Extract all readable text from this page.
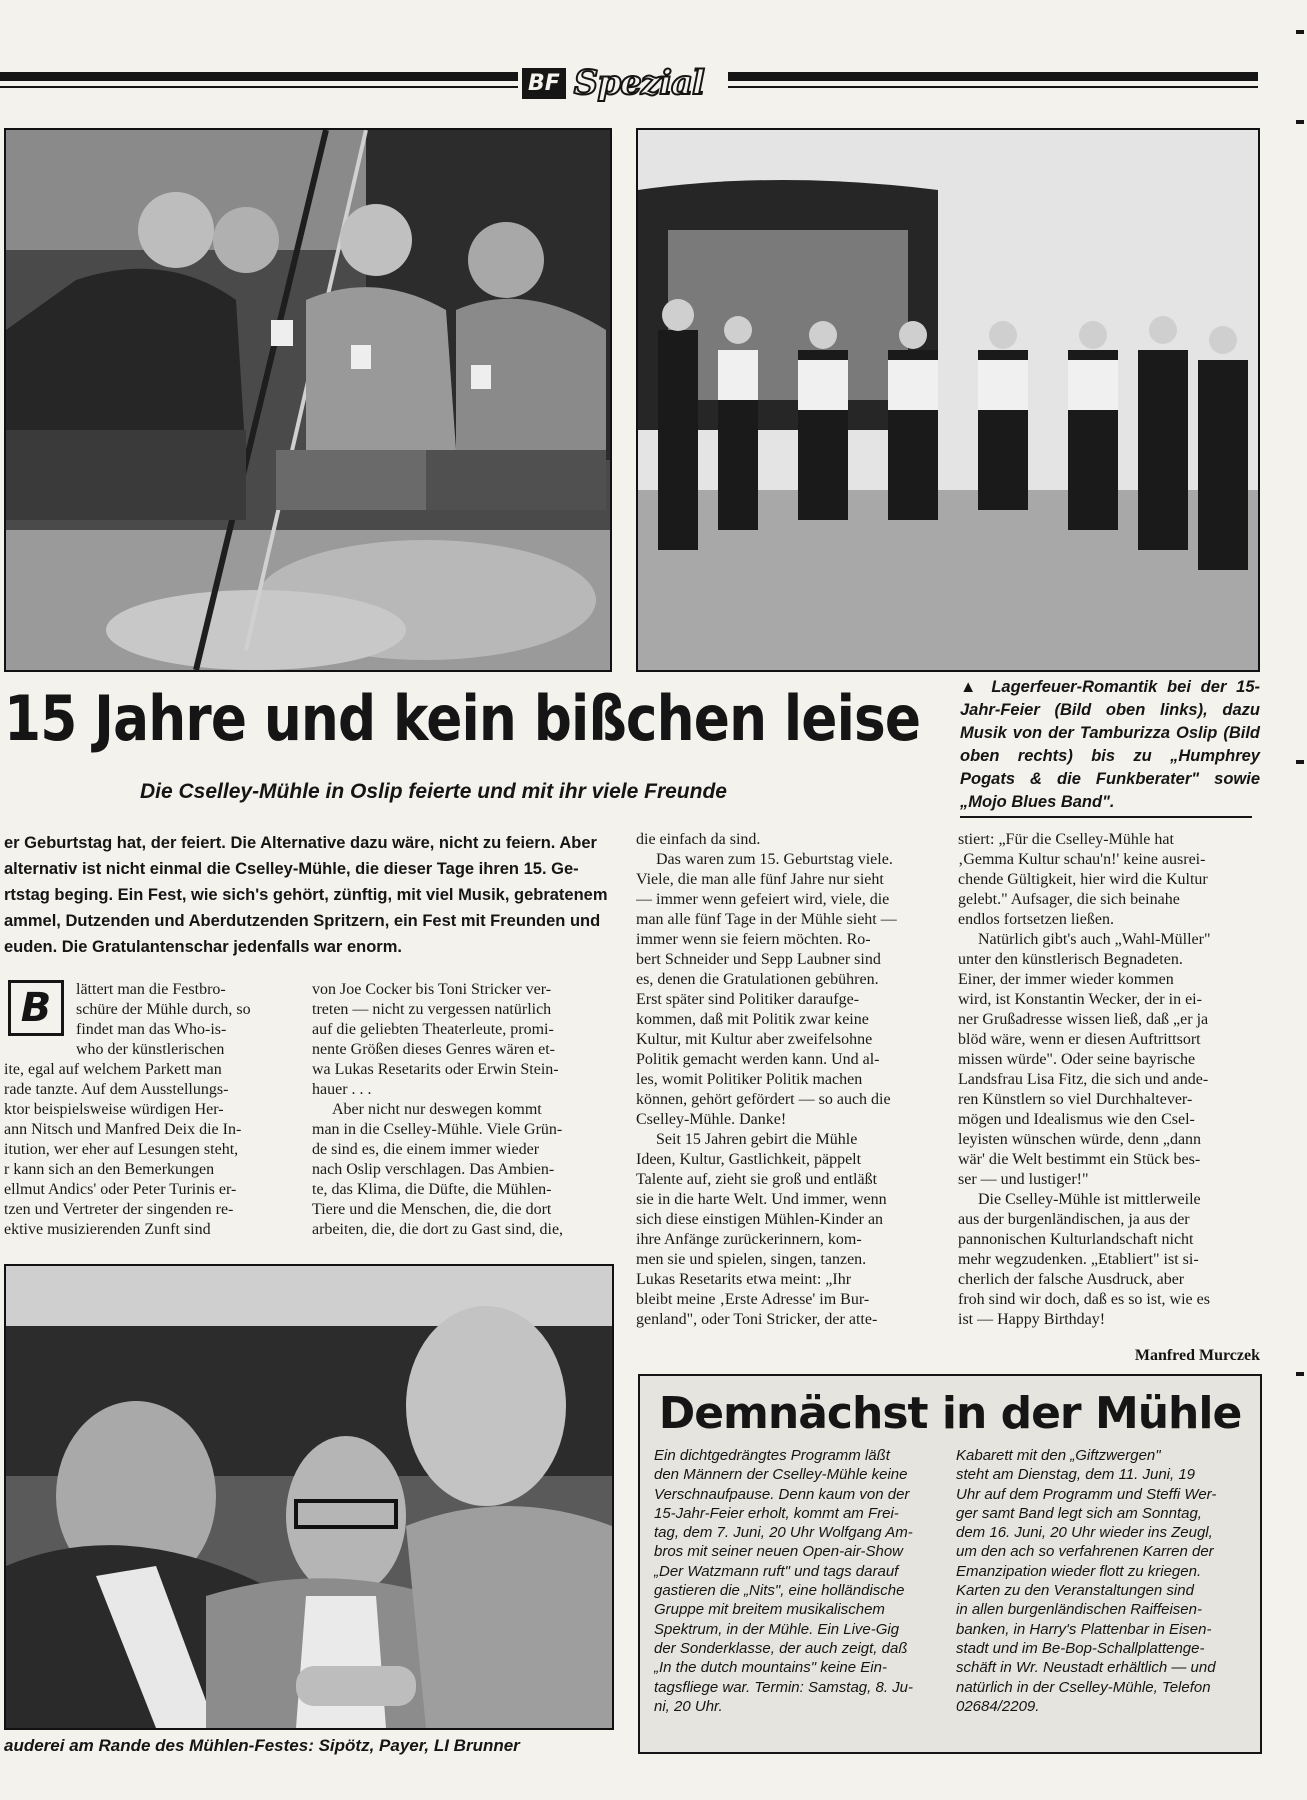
BF Spezial
15 Jahre und kein bißchen leise
Die Cselley-Mühle in Oslip feierte und mit ihr viele Freunde
▲ Lagerfeuer-Romantik bei der 15-Jahr-Feier (Bild oben links), dazu Musik von der Tamburizza Oslip (Bild oben rechts) bis zu „Humphrey Pogats & die Funkberater" sowie „Mojo Blues Band".

er Geburtstag hat, der feiert. Die Alternative dazu wäre, nicht zu feiern. Aber

alternativ ist nicht einmal die Cselley-Mühle, die dieser Tage ihren 15. Ge-

rtstag beging. Ein Fest, wie sich's gehört, zünftig, mit viel Musik, gebratenem

ammel, Dutzenden und Aberdutzenden Spritzern, ein Fest mit Freunden und

euden. Die Gratulantenschar jedenfalls war enorm.

B	lättert man die Festbro-

schüre der Mühle durch, so

findet man das Who-is-

who der künstlerischen

ite, egal auf welchem Parkett man

rade tanzte. Auf dem Ausstellungs-

ktor beispielsweise würdigen Her-

ann Nitsch und Manfred Deix die In-

itution, wer eher auf Lesungen steht,

r kann sich an den Bemerkungen

ellmut Andics' oder Peter Turinis er-

tzen und Vertreter der singenden re-

ektive musizierenden Zunft sind

von Joe Cocker bis Toni Stricker ver-

treten — nicht zu vergessen natürlich

auf die geliebten Theaterleute, promi-

nente Größen dieses Genres wären et-

wa Lukas Resetarits oder Erwin Stein-

hauer . . .

Aber nicht nur deswegen kommt

man in die Cselley-Mühle. Viele Grün-

de sind es, die einem immer wieder

nach Oslip verschlagen. Das Ambien-

te, das Klima, die Düfte, die Mühlen-

Tiere und die Menschen, die, die dort

arbeiten, die, die dort zu Gast sind, die,

auderei am Rande des Mühlen-Festes: Sipötz, Payer, LI Brunner

die einfach da sind.

Das waren zum 15. Geburtstag viele.

Viele, die man alle fünf Jahre nur sieht

— immer wenn gefeiert wird, viele, die

man alle fünf Tage in der Mühle sieht —

immer wenn sie feiern möchten. Ro-

bert Schneider und Sepp Laubner sind

es, denen die Gratulationen gebühren.

Erst später sind Politiker daraufge-

kommen, daß mit Politik zwar keine

Kultur, mit Kultur aber zweifelsohne

Politik gemacht werden kann. Und al-

les, womit Politiker Politik machen

können, gehört gefördert — so auch die

Cselley-Mühle. Danke!

Seit 15 Jahren gebirt die Mühle

Ideen, Kultur, Gastlichkeit, päppelt

Talente auf, zieht sie groß und entläßt

sie in die harte Welt. Und immer, wenn

sich diese einstigen Mühlen-Kinder an

ihre Anfänge zurückerinnern, kom-

men sie und spielen, singen, tanzen.

Lukas Resetarits etwa meint: „Ihr

bleibt meine ‚Erste Adresse' im Bur-

genland", oder Toni Stricker, der atte-

stiert: „Für die Cselley-Mühle hat

‚Gemma Kultur schau'n!' keine ausrei-

chende Gültigkeit, hier wird die Kultur

gelebt." Aufsager, die sich beinahe

endlos fortsetzen ließen.

Natürlich gibt's auch „Wahl-Müller"

unter den künstlerisch Begnadeten.

Einer, der immer wieder kommen

wird, ist Konstantin Wecker, der in ei-

ner Grußadresse wissen ließ, daß „er ja

blöd wäre, wenn er diesen Auftrittsort

missen würde". Oder seine bayrische

Landsfrau Lisa Fitz, die sich und ande-

ren Künstlern so viel Durchhaltever-

mögen und Idealismus wie den Csel-

leyisten wünschen würde, denn „dann

wär' die Welt bestimmt ein Stück bes-

ser — und lustiger!"

Die Cselley-Mühle ist mittlerweile

aus der burgenländischen, ja aus der

pannonischen Kulturlandschaft nicht

mehr wegzudenken. „Etabliert" ist si-

cherlich der falsche Ausdruck, aber

froh sind wir doch, daß es so ist, wie es

ist — Happy Birthday!

Manfred Murczek
Demnächst in der Mühle

Ein dichtgedrängtes Programm läßt

den Männern der Cselley-Mühle keine

Verschnaufpause. Denn kaum von der

15-Jahr-Feier erholt, kommt am Frei-

tag, dem 7. Juni, 20 Uhr Wolfgang Am-

bros mit seiner neuen Open-air-Show

„Der Watzmann ruft" und tags darauf

gastieren die „Nits", eine holländische

Gruppe mit breitem musikalischem

Spektrum, in der Mühle. Ein Live-Gig

der Sonderklasse, der auch zeigt, daß

„In the dutch mountains" keine Ein-

tagsfliege war. Termin: Samstag, 8. Ju-

ni, 20 Uhr.

Kabarett mit den „Giftzwergen"

steht am Dienstag, dem 11. Juni, 19

Uhr auf dem Programm und Steffi Wer-

ger samt Band legt sich am Sonntag,

dem 16. Juni, 20 Uhr wieder ins Zeugl,

um den ach so verfahrenen Karren der

Emanzipation wieder flott zu kriegen.

Karten zu den Veranstaltungen sind

in allen burgenländischen Raiffeisen-

banken, in Harry's Plattenbar in Eisen-

stadt und im Be-Bop-Schallplattenge-

schäft in Wr. Neustadt erhältlich — und

natürlich in der Cselley-Mühle, Telefon

02684/2209.
